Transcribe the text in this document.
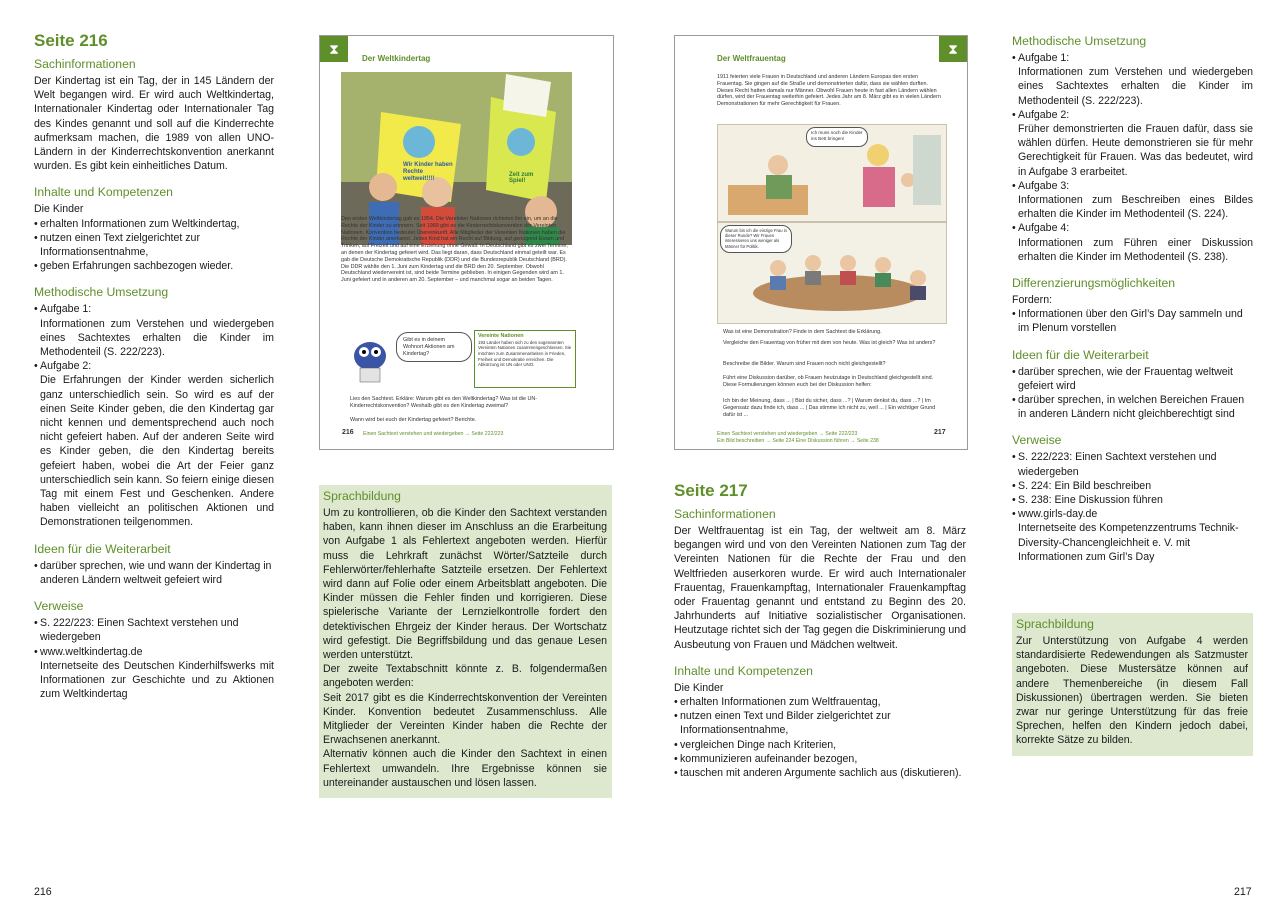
Seite 216
Sachinformationen

Der Kindertag ist ein Tag, der in 145 Ländern der Welt begangen wird. Er wird auch Weltkindertag, Internationaler Kindertag oder Internationaler Tag des Kindes genannt und soll auf die Kinderrechte aufmerksam machen, die 1989 von allen UNO-Ländern in der Kinderrechtskonvention anerkannt wurden. Es gibt kein einheitliches Datum.

Inhalte und Kompetenzen

Die Kinder

• erhalten Informationen zum Weltkindertag,
• nutzen einen Text zielgerichtet zur Informationsentnahme,
• geben Erfahrungen sachbezogen wieder.
Methodische Umsetzung
• Aufgabe 1:

Informationen zum Verstehen und wiedergeben eines Sachtextes erhalten die Kinder im Methodenteil (S. 222/223).

• Aufgabe 2:

Die Erfahrungen der Kinder werden sicherlich ganz unterschiedlich sein. So wird es auf der einen Seite Kinder geben, die den Kindertag gar nicht kennen und dementsprechend auch noch nicht gefeiert haben. Auf der anderen Seite wird es Kinder geben, die den Kindertag bereits gefeiert haben, wobei die Art der Feier ganz unterschiedlich sein kann. So feiern einige diesen Tag mit einem Fest und Geschenken. Andere haben vielleicht an politischen Aktionen und Demonstrationen teilgenommen.

Ideen für die Weiterarbeit
• darüber sprechen, wie und wann der Kindertag in anderen Ländern weltweit gefeiert wird
Verweise
• S. 222/223: Einen Sachtext verstehen und wiedergeben
• www.weltkindertag.de

Internetseite des Deutschen Kinderhilfswerks mit Informationen zur Geschichte und zu Aktionen zum Weltkindertag

216
⧗
Der Weltkindertag
Wir Kinder haben Rechte weltweit!!!!
Zeit zum Spiel!
Den ersten Weltkindertag gab es 1954. Die Vereinten Nationen richteten ihn ein, um an die Rechte der Kinder zu erinnern. Seit 1989 gibt es die Kinderrechtskonvention der Vereinten Nationen. Konvention bedeutet Übereinkunft. Alle Mitglieder der Vereinten Nationen haben die Rechte der Kinder anerkannt. Jedes Kind hat ein Recht auf Bildung, auf genügend Essen und Trinken, auf Freizeit und auf eine Erziehung ohne Gewalt. In Deutschland gibt es zwei Termine, an denen der Kindertag gefeiert wird. Das liegt daran, dass Deutschland einmal geteilt war. Es gab die Deutsche Demokratische Republik (DDR) und die Bundesrepublik Deutschland (BRD). Die DDR wählte den 1. Juni zum Kindertag und die BRD den 20. September. Obwohl Deutschland wiedervereint ist, sind beide Termine geblieben. In einigen Gegenden wird am 1. Juni gefeiert und in anderen am 20. September – und manchmal sogar an beiden Tagen.
Gibt es in deinem Wohnort Aktionen am Kindertag?
Vereinte Nationen
193 Länder haben sich zu den sogenannten Vereinten Nationen zusammengeschlossen. Sie möchten zum Zusammenarbeiten in Frieden, Freiheit und Demokratie erreichen. Die Abkürzung ist UN oder UNO.
Lies den Sachtext. Erkläre: Warum gibt es den Weltkindertag? Was ist die UN-Kinderrechtskonvention? Weshalb gibt es den Kindertag zweimal?
Wann wird bei euch der Kindertag gefeiert? Berichte.
216 Einen Sachtext verstehen und wiedergeben → Seite 222/223
Sprachbildung

Um zu kontrollieren, ob die Kinder den Sachtext verstanden haben, kann ihnen dieser im Anschluss an die Erarbeitung von Aufgabe 1 als Fehlertext angeboten werden. Hierfür muss die Lehrkraft zunächst Wörter/Satzteile durch Fehlerwörter/fehlerhafte Satzteile ersetzen. Der Fehlertext wird dann auf Folie oder einem Arbeitsblatt angeboten. Die Kinder müssen die Fehler finden und korrigieren. Diese spielerische Variante der Lernzielkontrolle fordert den detektivischen Ehrgeiz der Kinder heraus. Der Wortschatz wird gefestigt. Die Begriffsbildung und das genaue Lesen werden unterstützt.

Der zweite Textabschnitt könnte z. B. folgendermaßen angeboten werden:

Seit 2017 gibt es die Kinderrechtskonvention der Vereinten Kinder. Konvention bedeutet Zusammenschluss. Alle Mitglieder der Vereinten Kinder haben die Rechte der Erwachsenen anerkannt.

Alternativ können auch die Kinder den Sachtext in einen Fehlertext umwandeln. Ihre Ergebnisse können sie untereinander austauschen und lösen lassen.

⧗
Der Weltfrauentag
1911 feierten viele Frauen in Deutschland und anderen Ländern Europas den ersten Frauentag. Sie gingen auf die Straße und demonstrierten dafür, dass sie wählen durften. Dieses Recht hatten damals nur Männer. Obwohl Frauen heute in fast allen Ländern wählen dürfen, wird der Frauentag weiterhin gefeiert. Jedes Jahr am 8. März gibt es in vielen Ländern Demonstrationen für mehr Gerechtigkeit für Frauen.
Ich muss noch die Kinder ins Bett bringen!
Warum bin ich die einzige Frau in dieser Runde? Wir Frauen interessieren uns weniger als Männer für Politik.
Was ist eine Demonstration? Finde in dem Sachtext die Erklärung.
Vergleiche den Frauentag von früher mit dem von heute. Was ist gleich? Was ist anders?
Beschreibe die Bilder. Warum sind Frauen noch nicht gleichgestellt?
Führt eine Diskussion darüber, ob Frauen heutzutage in Deutschland gleichgestellt sind. Diese Formulierungen können euch bei der Diskussion helfen:
Ich bin der Meinung, dass ... | Bist du sicher, dass ...? | Warum denkst du, dass ...? | Im Gegensatz dazu finde ich, dass ... | Das stimme ich nicht zu, weil ... | Ein wichtiger Grund dafür ist ...
Einen Sachtext verstehen und wiedergeben → Seite 222/223
Ein Bild beschreiben → Seite 224 Eine Diskussion führen → Seite 238
217
Seite 217
Sachinformationen

Der Weltfrauentag ist ein Tag, der weltweit am 8. März begangen wird und von den Vereinten Nationen zum Tag der Vereinten Nationen für die Rechte der Frau und den Weltfrieden auserkoren wurde. Er wird auch Internationaler Frauentag, Frauenkampftag, Internationaler Frauenkampftag oder Frauentag genannt und entstand zu Beginn des 20. Jahrhunderts auf Initiative sozialistischer Organisationen. Heutzutage richtet sich der Tag gegen die Diskriminierung und Ausbeutung von Frauen und Mädchen weltweit.

Inhalte und Kompetenzen

Die Kinder

• erhalten Informationen zum Weltfrauentag,
• nutzen einen Text und Bilder zielgerichtet zur Informationsentnahme,
• vergleichen Dinge nach Kriterien,
• kommunizieren aufeinander bezogen,
• tauschen mit anderen Argumente sachlich aus (diskutieren).
Methodische Umsetzung
• Aufgabe 1:

Informationen zum Verstehen und wiedergeben eines Sachtextes erhalten die Kinder im Methodenteil (S. 222/223).

• Aufgabe 2:

Früher demonstrierten die Frauen dafür, dass sie wählen dürfen. Heute demonstrieren sie für mehr Gerechtigkeit für Frauen. Was das bedeutet, wird in Aufgabe 3 erarbeitet.

• Aufgabe 3:

Informationen zum Beschreiben eines Bildes erhalten die Kinder im Methodenteil (S. 224).

• Aufgabe 4:

Informationen zum Führen einer Diskussion erhalten die Kinder im Methodenteil (S. 238).

Differenzierungsmöglichkeiten

Fordern:

• Informationen über den Girl’s Day sammeln und im Plenum vorstellen
Ideen für die Weiterarbeit
• darüber sprechen, wie der Frauentag weltweit gefeiert wird
• darüber sprechen, in welchen Bereichen Frauen in anderen Ländern nicht gleichberechtigt sind
Verweise
• S. 222/223: Einen Sachtext verstehen und wiedergeben
• S. 224: Ein Bild beschreiben
• S. 238: Eine Diskussion führen
• www.girls-day.de

Internetseite des Kompetenzzentrums Technik-Diversity-Chancengleichheit e. V. mit Informationen zum Girl’s Day

Sprachbildung

Zur Unterstützung von Aufgabe 4 werden standardisierte Redewendungen als Satzmuster angeboten. Diese Mustersätze können auf andere Themenbereiche (in diesem Fall Diskussionen) übertragen werden. Sie bieten zwar nur geringe Unterstützung für das freie Sprechen, helfen den Kindern jedoch dabei, korrekte Sätze zu bilden.

217
